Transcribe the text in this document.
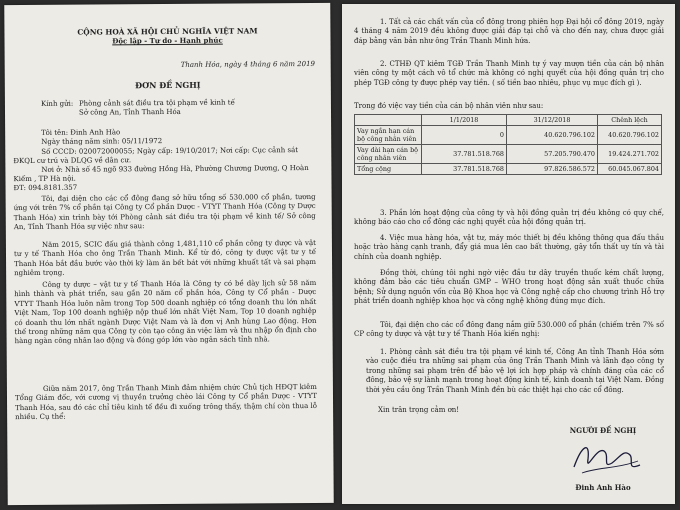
CỘNG HOÀ XÃ HỘI CHỦ NGHĨA VIỆT NAM
Độc lập - Tự do - Hạnh phúc
Thanh Hóa, ngày 4 tháng 6 năm 2019
ĐƠN ĐỀ NGHỊ
Kính gửi: Phòng cảnh sát điều tra tội phạm về kinh tế
Sở công An, Tỉnh Thanh Hóa
Tôi tên: Đinh Anh Hào
Ngày tháng năm sinh: 05/11/1972
Số CCCD: 020072000055; Ngày cấp: 19/10/2017; Nơi cấp: Cục cảnh sát
ĐKQL cư trú và DLQG về dân cư.
Nơi ở: Nhà số 45 ngõ 933 đường Hồng Hà, Phường Chương Dương, Q Hoàn
Kiếm , TP Hà nội.
ĐT: 094.8181.357
Tôi, đại diện cho các cổ đông đang sở hữu tổng số 530.000 cổ phần, tương ứng với trên 7% cổ phần tại Công ty Cổ phần Dược - VTYT Thanh Hóa (Công ty Dược Thanh Hóa) xin trình bày tới Phòng cảnh sát điều tra tội phạm về kinh tế/ Sở công An, Tỉnh Thanh Hóa sự việc như sau:
Năm 2015, SCIC đấu giá thành công 1,481,110 cổ phần công ty dược và vật tư y tế Thanh Hóa cho ông Trần Thanh Minh. Kể từ đó, công ty dược vật tư y tế Thanh Hóa bắt đầu bước vào thời kỳ làm ăn bết bát với những khuất tất và sai phạm nghiêm trọng.
Công ty dược – vật tư y tế Thanh Hóa là Công ty có bề dày lịch sử 58 năm hình thành và phát triển, sau gần 20 năm cổ phần hóa, Công ty Cổ phần - Dược VTYT Thanh Hóa luôn nằm trong Top 500 doanh nghiệp có tổng doanh thu lớn nhất Việt Nam, Top 100 doanh nghiệp nộp thuế lớn nhất Việt Nam, Top 10 doanh nghiệp có doanh thu lớn nhất ngành Dược Việt Nam và là đơn vị Anh hùng Lao động. Hơn thế trong những năm qua Công ty còn tạo công ăn việc làm và thu nhập ổn định cho hàng ngàn công nhân lao động và đóng góp lớn vào ngân sách tỉnh nhà.
Giữa năm 2017, ông Trần Thanh Minh đảm nhiệm chức Chủ tịch HĐQT kiêm Tổng Giám đốc, với cương vị thuyền trưởng chèo lái Công ty Cổ phần Dược - VTYT Thanh Hóa, sau đó các chỉ tiêu kinh tế đều đi xuống trông thấy, thậm chí còn thua lỗ nhiều. Cụ thể:
1. Tất cả các chất vấn của cổ đông trong phiên họp Đại hội cổ đông 2019, ngày 4 tháng 4 năm 2019 đều không được giải đáp tại chỗ và cho đến nay, chưa được giải đáp bằng văn bản như ông Trần Thanh Minh hứa.
2. CTHĐ QT kiêm TGĐ Trần Thanh Minh tự ý vay mượn tiền của cán bộ nhân viên công ty một cách vô tổ chức mà không có nghị quyết của hội đồng quản trị cho phép TGĐ công ty được phép vay tiền. ( số tiền bao nhiêu, phục vụ mục đích gì ).
Trong đó việc vay tiền của cán bộ nhân viên như sau:
	1/1/2018	31/12/2018	Chênh lệch
Vay ngắn hạn cán bộ công nhân viên	0	40.620.796.102	40.620.796.102
Vay dài hạn cán bộ công nhân viên	37.781.518.768	57.205.790.470	19.424.271.702
Tổng cộng	37.781.518.768	97.826.586.572	60.045.067.804
3. Phần lớn hoạt động của công ty và hội đồng quản trị đều không có quy chế, không báo cáo cho cổ đông các nghị quyết của hội đồng quản trị.
4. Việc mua hàng hóa, vật tư, máy móc thiết bị đều không thông qua đấu thầu hoặc trào hàng cạnh tranh, đẩy giá mua lên cao bất thường, gây tổn thất uy tín và tài chính của doanh nghiệp.
Đồng thời, chúng tôi nghi ngờ việc đầu tư dây truyền thuốc kém chất lượng, không đảm bảo các tiêu chuẩn GMP – WHO trong hoạt động sản xuất thuốc chữa bệnh; Sử dụng nguồn vốn của Bộ Khoa học và Công nghệ cấp cho chương trình Hỗ trợ phát triển doanh nghiệp khoa học và công nghệ không đúng mục đích.
Tôi, đại diện cho các cổ đông đang nắm giữ 530.000 cổ phần (chiếm trên 7% số CP công ty dược và vật tư y tế Thanh Hóa kiến nghị:
1. Phòng cảnh sát điều tra tội phạm về kinh tế, Công An tỉnh Thanh Hóa sớm vào cuộc điều tra những sai phạm của ông Trần Thanh Minh và lãnh đạo công ty trong những sai phạm trên để bảo vệ lợi ích hợp pháp và chính đáng của các cổ đông, bảo vệ sự lành mạnh trong hoạt động kinh tế, kinh doanh tại Việt Nam. Đồng thời yêu cầu ông Trần Thanh Minh đền bù các thiệt hại cho các cổ đông.
Xin trân trọng cảm ơn!
NGƯỜI ĐỀ NGHỊ
Đinh Anh Hào
